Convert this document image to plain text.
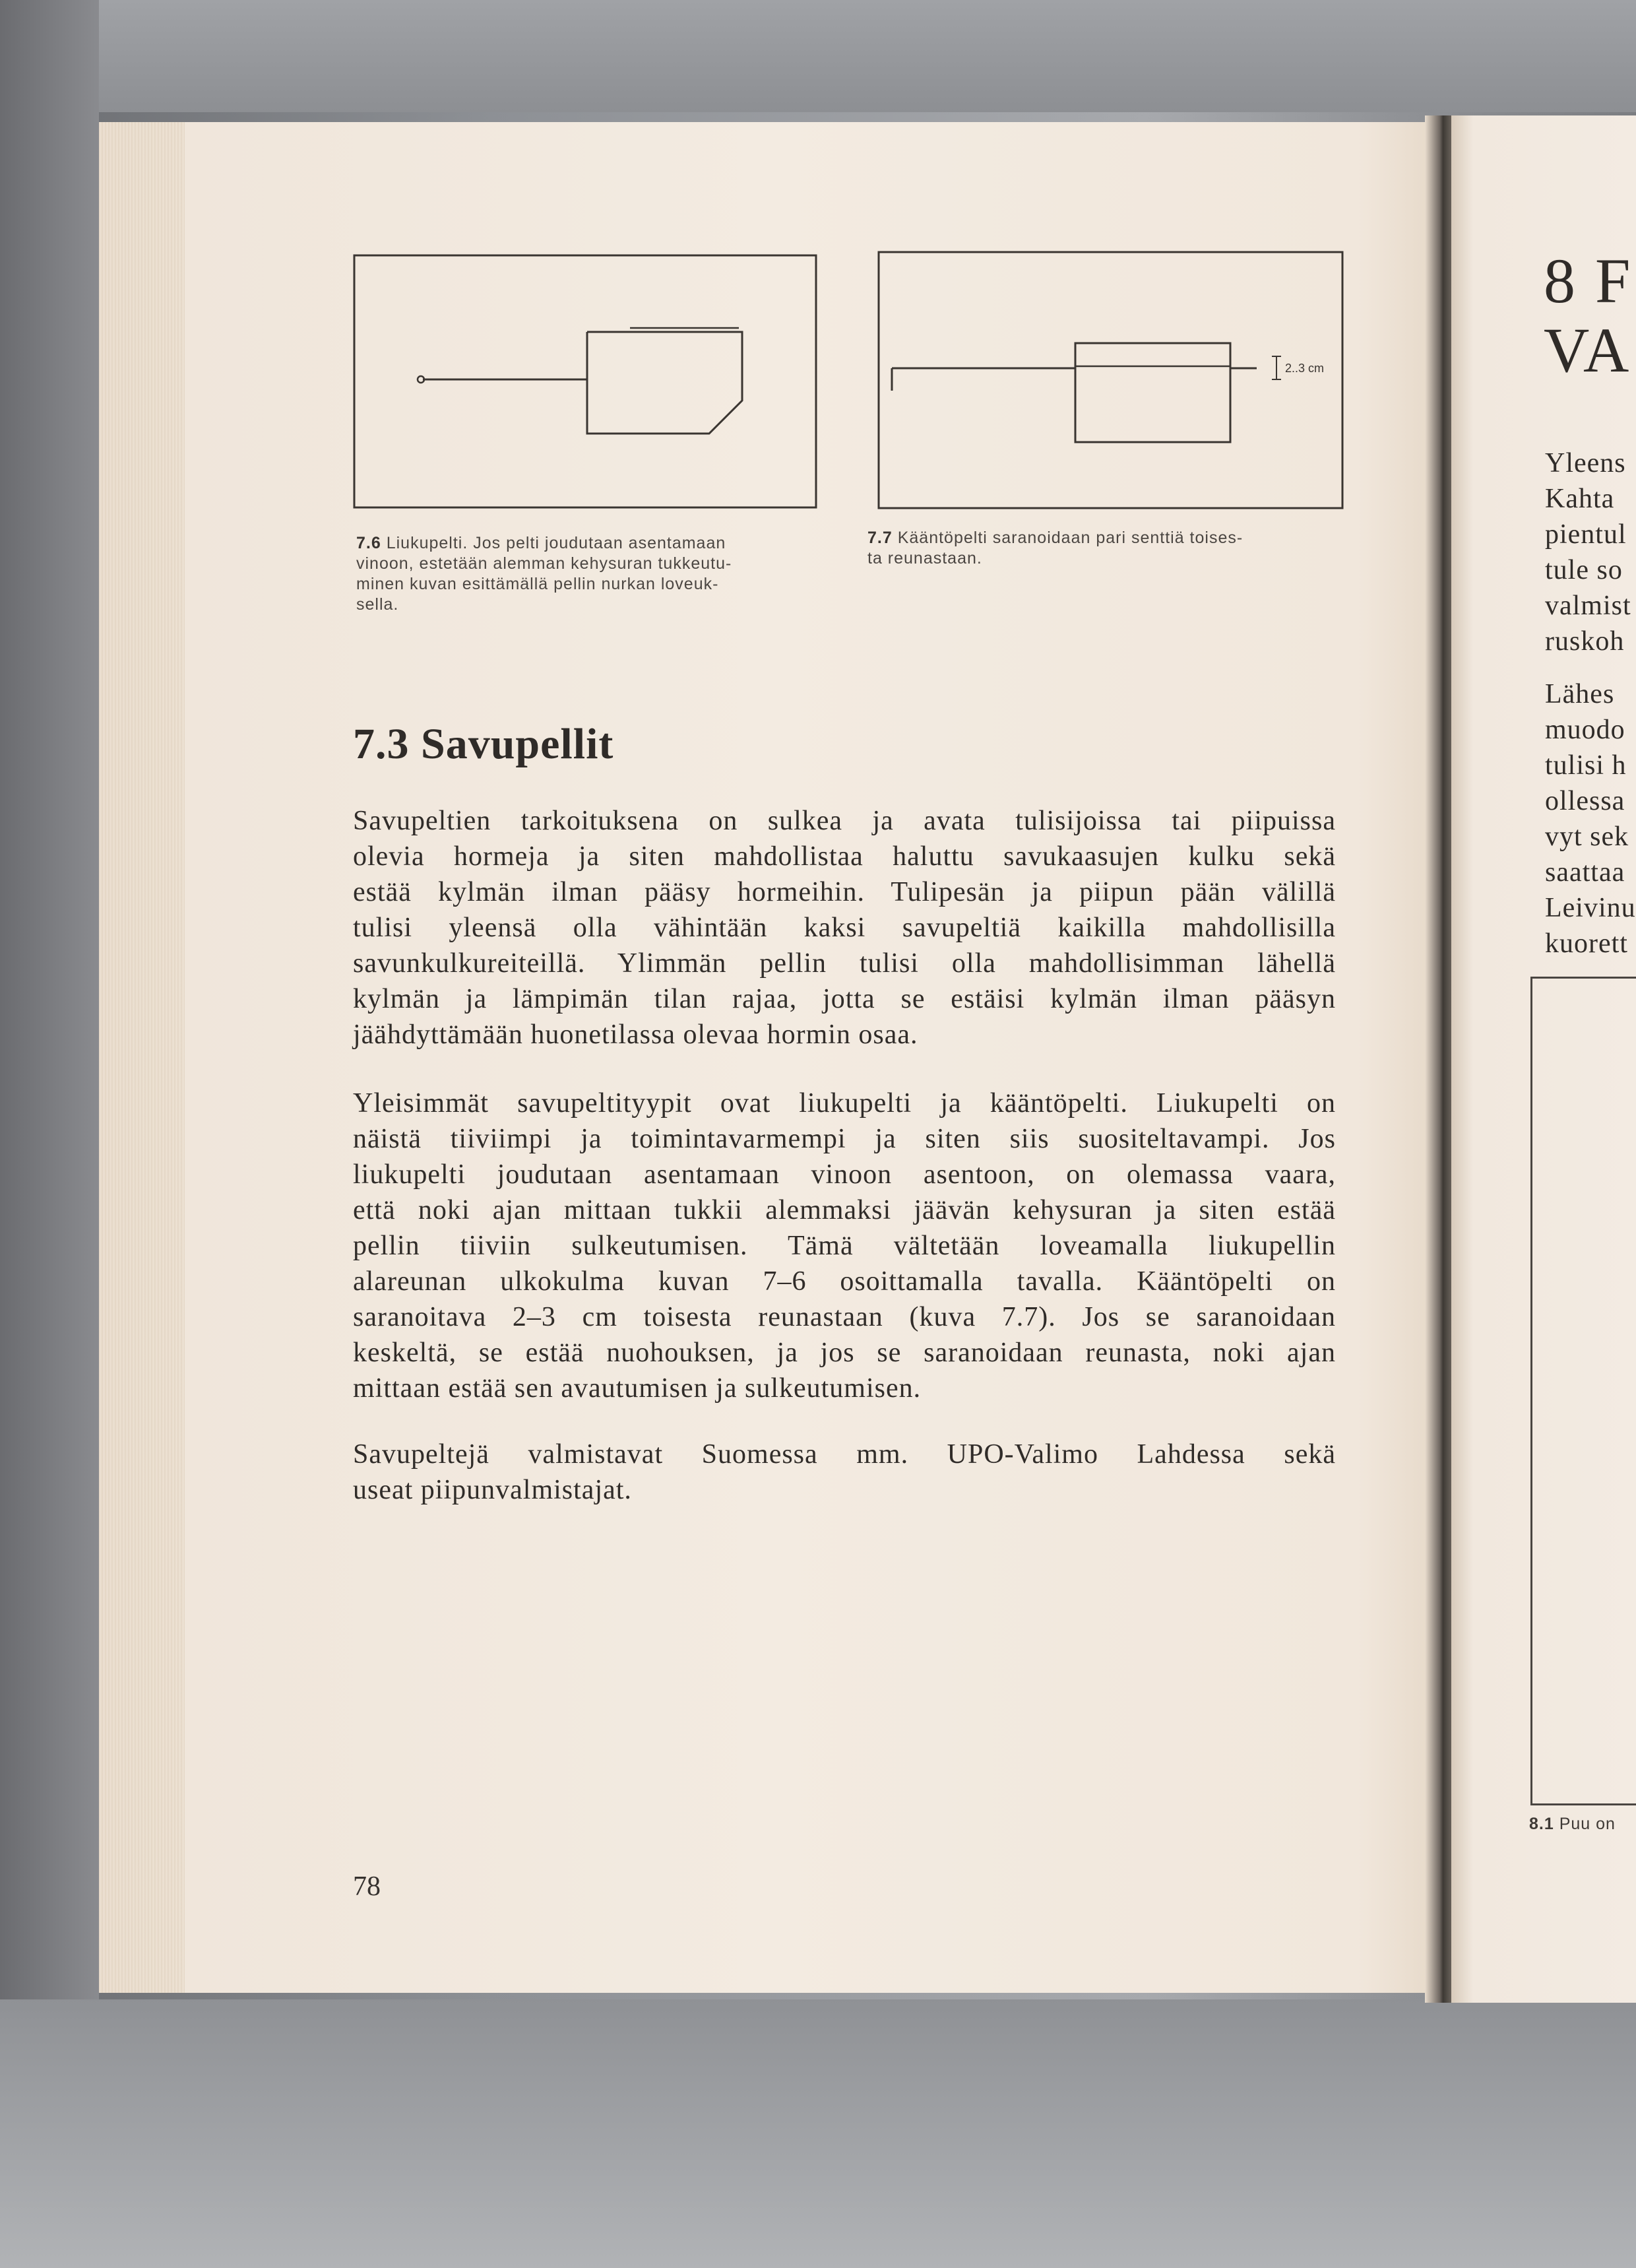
7.6 Liukupelti. Jos pelti joudutaan asentamaan
vinoon, estetään alemman kehysuran tukkeutu-
minen kuvan esittämällä pellin nurkan loveuk-
sella.
2..3 cm
7.7 Kääntöpelti saranoidaan pari senttiä toises-
ta reunastaan.
7.3 Savupellit
Savupeltien tarkoituksena on sulkea ja avata tulisijoissa tai piipuissa
olevia hormeja ja siten mahdollistaa haluttu savukaasujen kulku sekä
estää kylmän ilman pääsy hormeihin. Tulipesän ja piipun pään välillä
tulisi yleensä olla vähintään kaksi savupeltiä kaikilla mahdollisilla
savunkulkureiteillä. Ylimmän pellin tulisi olla mahdollisimman lähellä
kylmän ja lämpimän tilan rajaa, jotta se estäisi kylmän ilman pääsyn
jäähdyttämään huonetilassa olevaa hormin osaa.
Yleisimmät savupeltityypit ovat liukupelti ja kääntöpelti. Liukupelti on
näistä tiiviimpi ja toimintavarmempi ja siten siis suositeltavampi. Jos
liukupelti joudutaan asentamaan vinoon asentoon, on olemassa vaara,
että noki ajan mittaan tukkii alemmaksi jäävän kehysuran ja siten estää
pellin tiiviin sulkeutumisen. Tämä vältetään loveamalla liukupellin
alareunan ulkokulma kuvan 7–6 osoittamalla tavalla. Kääntöpelti on
saranoitava 2–3 cm toisesta reunastaan (kuva 7.7). Jos se saranoidaan
keskeltä, se estää nuohouksen, ja jos se saranoidaan reunasta, noki ajan
mittaan estää sen avautumisen ja sulkeutumisen.
Savupeltejä valmistavat Suomessa mm. UPO-Valimo Lahdessa sekä
useat piipunvalmistajat.
78
8 F
VA
Yleens
Kahta
pientul
tule so
valmist
ruskoh
Lähes
muodo
tulisi h
ollessa
vyt sek
saattaa
Leivinu
kuorett
8.1 Puu on
